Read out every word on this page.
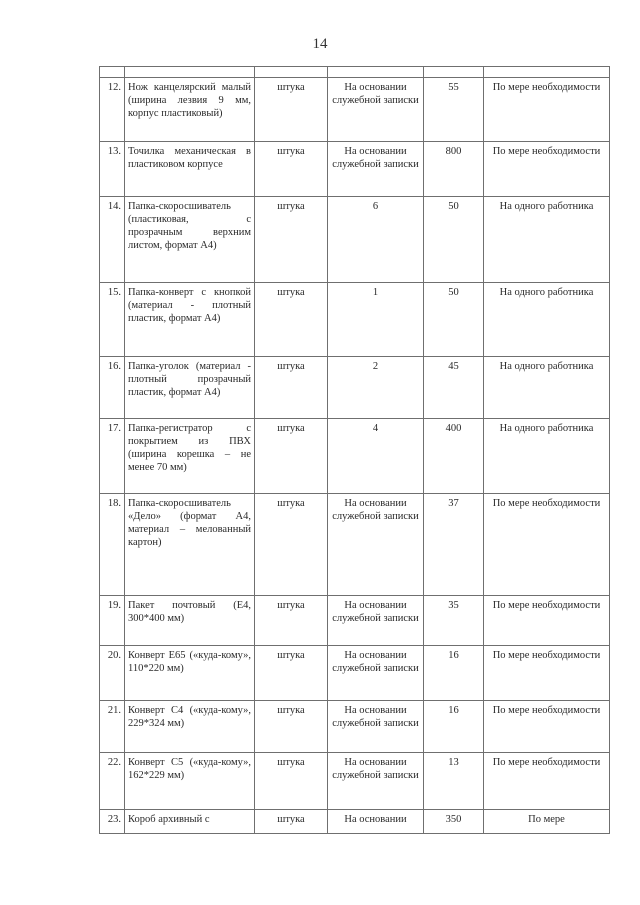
14

12.	Нож канцелярский малый (ширина лезвия 9 мм, корпус пластиковый)	штука	На основании служебной записки	55	По мере необходимости
13.	Точилка механическая в пластиковом корпусе	штука	На основании служебной записки	800	По мере необходимости
14.	Папка-скоросшиватель (пластиковая, с прозрачным верхним листом, формат А4)	штука	6	50	На одного работника
15.	Папка-конверт с кнопкой (материал - плотный пластик, формат А4)	штука	1	50	На одного работника
16.	Папка-уголок (материал - плотный прозрачный пластик, формат А4)	штука	2	45	На одного работника
17.	Папка-регистратор с покрытием из ПВХ (ширина корешка – не менее 70 мм)	штука	4	400	На одного работника
18.	Папка-скоросшиватель «Дело» (формат А4, материал – мелованный картон)	штука	На основании служебной записки	37	По мере необходимости
19.	Пакет почтовый (Е4, 300*400 мм)	штука	На основании служебной записки	35	По мере необходимости
20.	Конверт Е65 («куда-кому», 110*220 мм)	штука	На основании служебной записки	16	По мере необходимости
21.	Конверт С4 («куда-кому», 229*324 мм)	штука	На основании служебной записки	16	По мере необходимости
22.	Конверт С5 («куда-кому», 162*229 мм)	штука	На основании служебной записки	13	По мере необходимости
23.	Короб архивный с	штука	На основании	350	По мере
